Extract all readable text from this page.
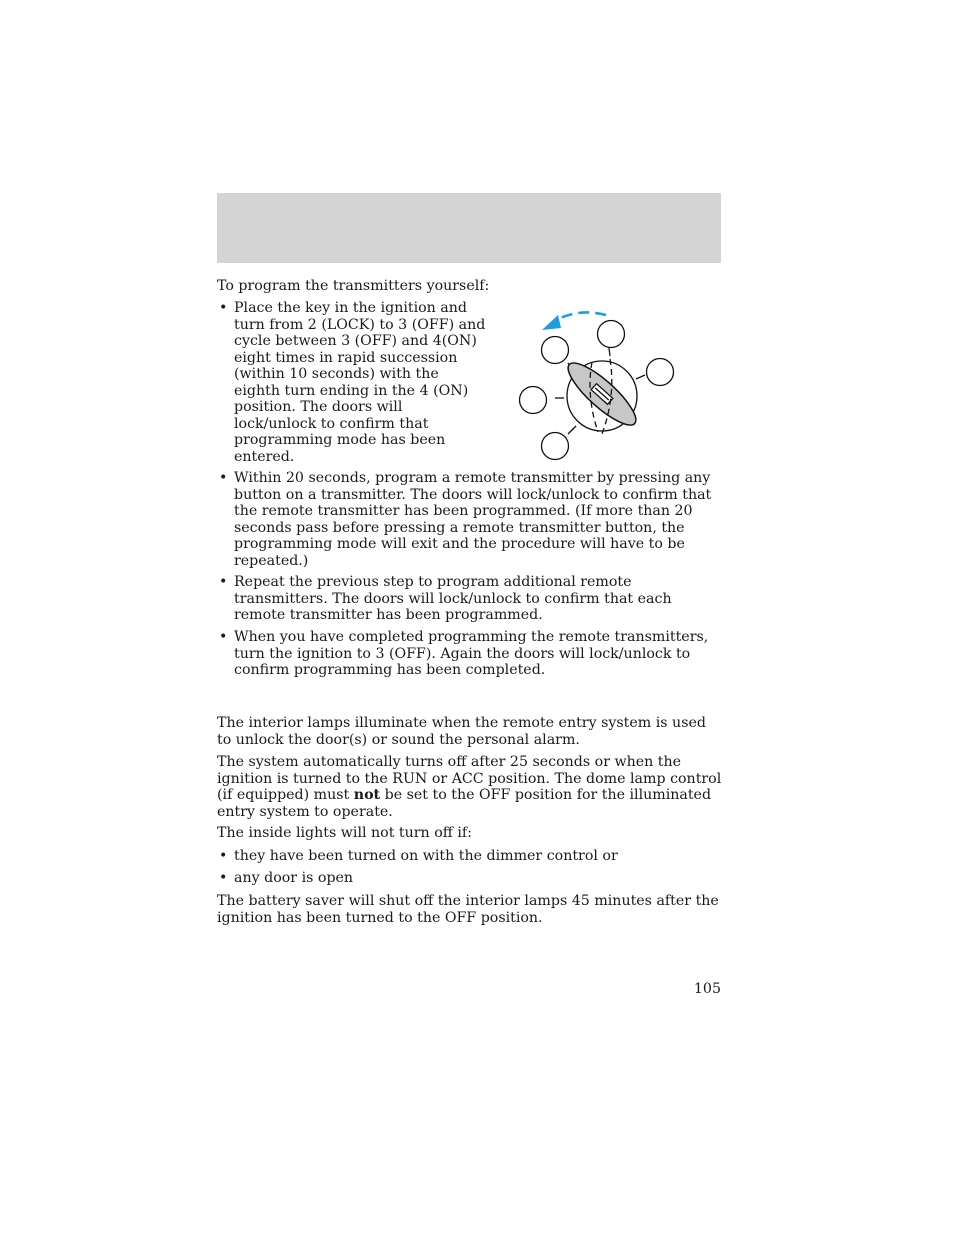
To program the transmitters yourself:

• Place the key in the ignition and turn from 2 (LOCK) to 3 (OFF) and cycle between 3 (OFF) and 4(ON) eight times in rapid succession (within 10 seconds) with the eighth turn ending in the 4 (ON) position. The doors will lock/unlock to confirm that programming mode has been entered.

• Within 20 seconds, program a remote transmitter by pressing any button on a transmitter. The doors will lock/unlock to confirm that the remote transmitter has been programmed. (If more than 20 seconds pass before pressing a remote transmitter button, the programming mode will exit and the procedure will have to be repeated.)

• Repeat the previous step to program additional remote transmitters. The doors will lock/unlock to confirm that each remote transmitter has been programmed.

• When you have completed programming the remote transmitters, turn the ignition to 3 (OFF). Again the doors will lock/unlock to confirm programming has been completed.

The interior lamps illuminate when the remote entry system is used to unlock the door(s) or sound the personal alarm.

The system automatically turns off after 25 seconds or when the ignition is turned to the RUN or ACC position. The dome lamp control (if equipped) must not be set to the OFF position for the illuminated entry system to operate.

The inside lights will not turn off if:

• they have been turned on with the dimmer control or

• any door is open

The battery saver will shut off the interior lamps 45 minutes after the ignition has been turned to the OFF position.

105
